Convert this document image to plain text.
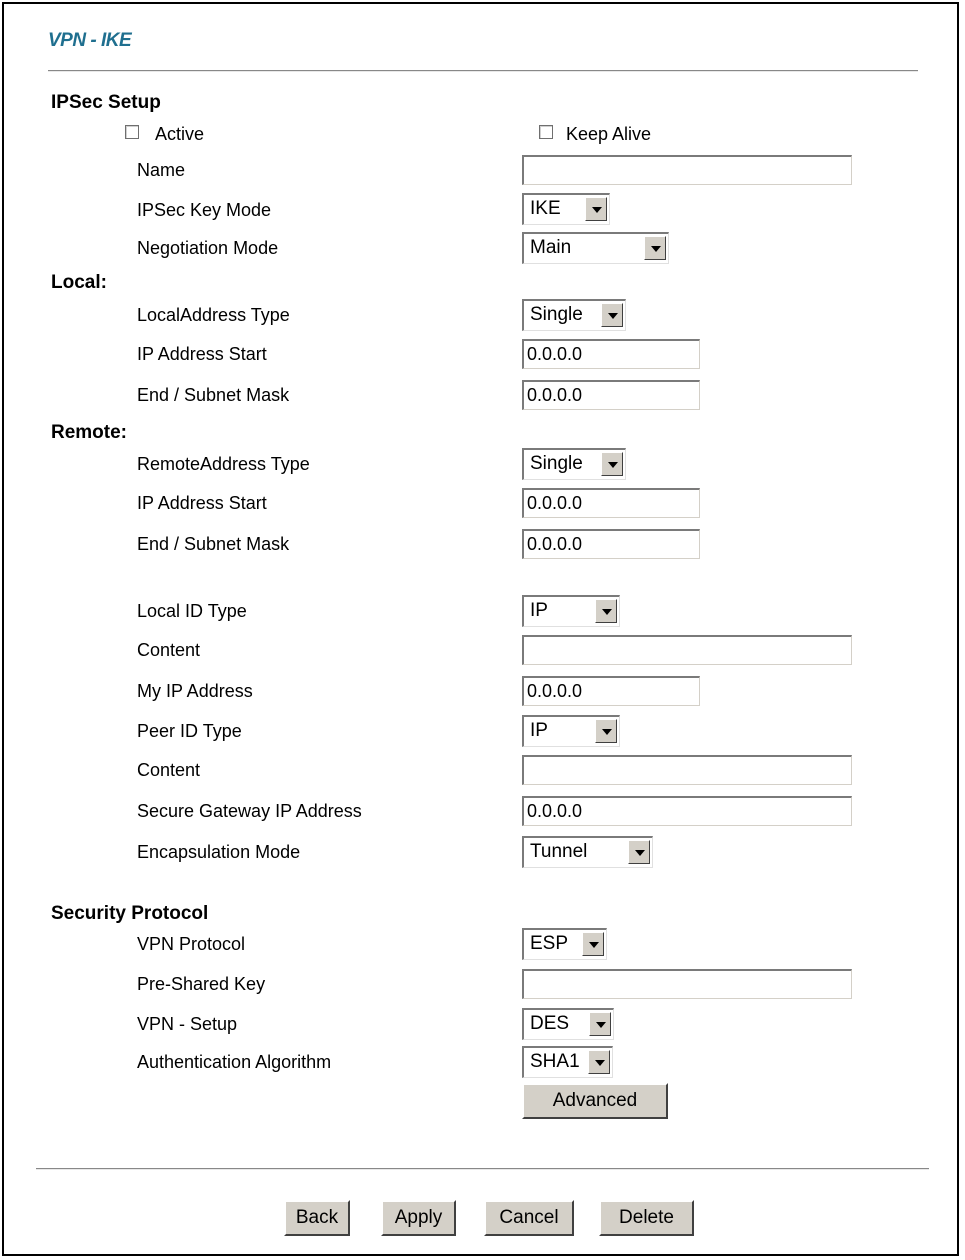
VPN - IKE
IPSec Setup
Active	Keep Alive
Name
IPSec Key Mode	IKE
Negotiation Mode	Main
Local:
LocalAddress Type	Single
IP Address Start	0.0.0.0
End / Subnet Mask	0.0.0.0
Remote:
RemoteAddress Type	Single
IP Address Start	0.0.0.0
End / Subnet Mask	0.0.0.0
Local ID Type	IP
Content
My IP Address	0.0.0.0
Peer ID Type	IP
Content
Secure Gateway IP Address	0.0.0.0
Encapsulation Mode	Tunnel
Security Protocol
VPN Protocol	ESP
Pre-Shared Key
VPN - Setup	DES
Authentication Algorithm	SHA1
Advanced
Back	Apply	Cancel	Delete
